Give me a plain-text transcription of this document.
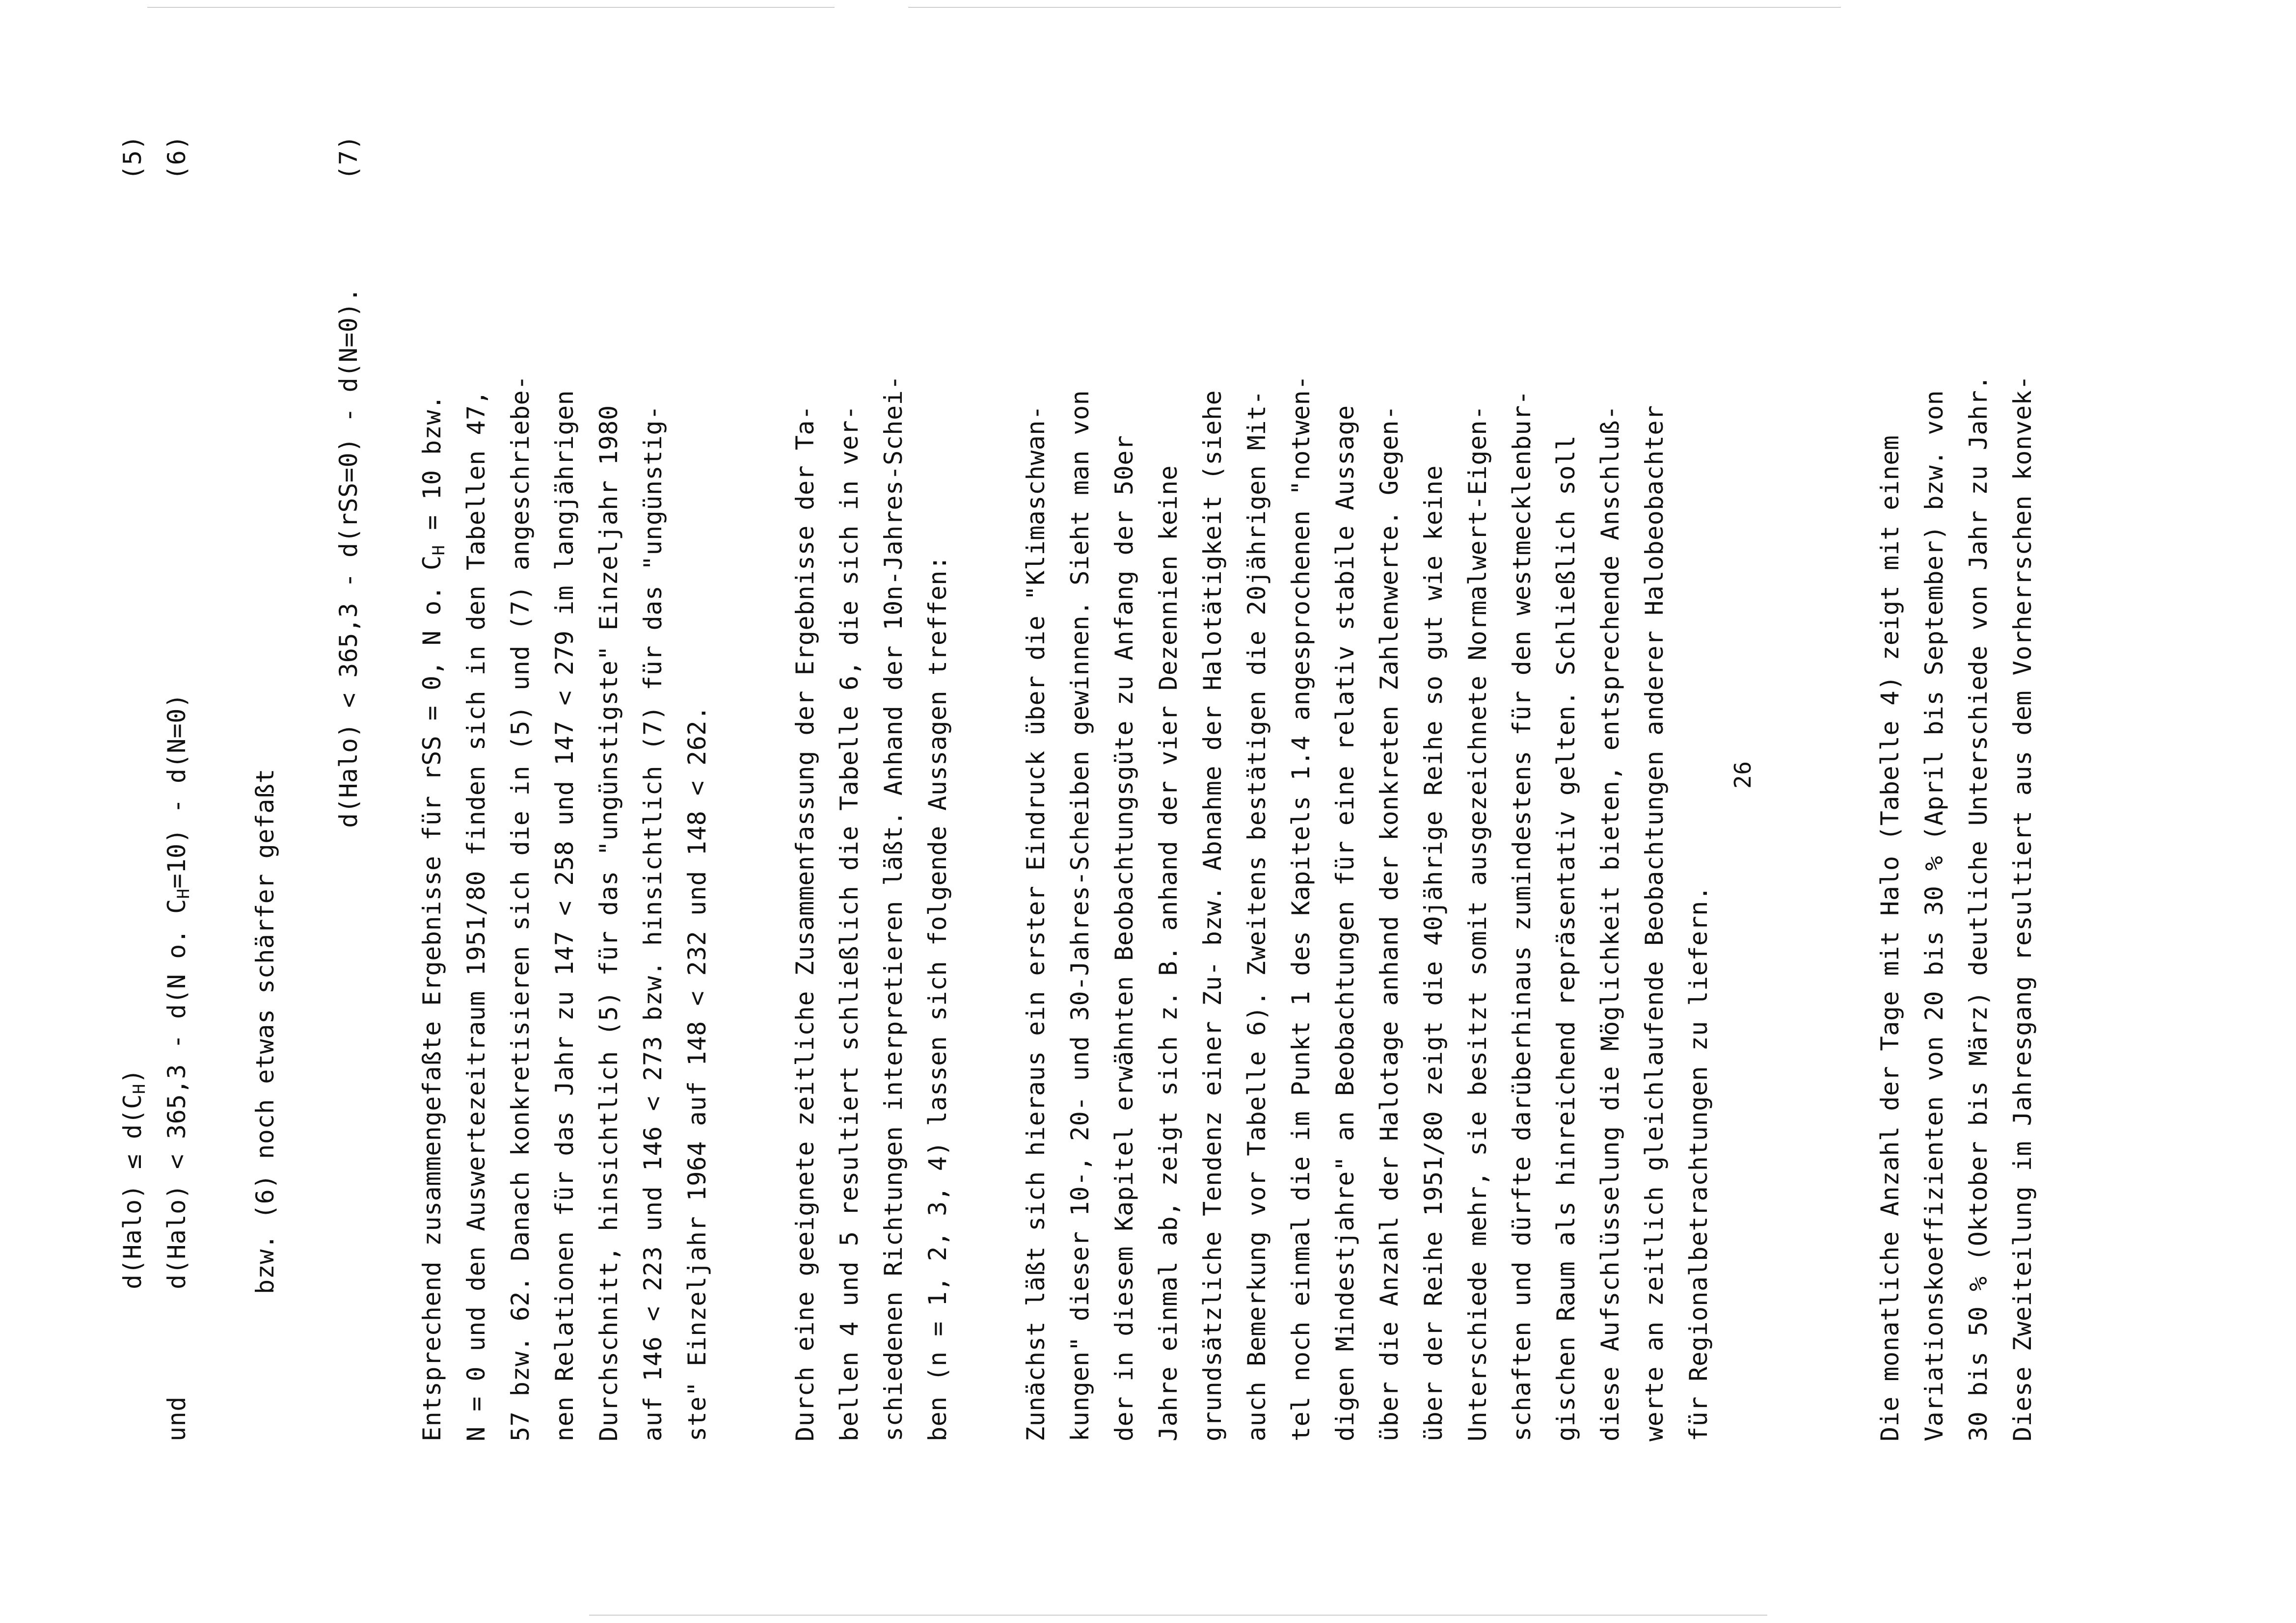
d(Halo) ≤ $d(C_H)$
(5)
und
d(Halo) < 365,3 - d(N o. $C_H=10) - d(N=0)$
(6)
bzw. (6) noch etwas schärfer gefaßt
d(Halo) < 365,3 - d(rSS=0) - d(N=0).
(7)
Entsprechend zusammengefaßte Ergebnisse für rSS = 0, N o. $C_H = 10$ bzw. N = 0 und den Auswertezeitraum 1951/80 finden sich in den Tabellen 47, 57 bzw. 62. Danach konkretisieren sich die in (5) und (7) angeschriebe- nen Relationen für das Jahr zu 147 < 258 und 147 < 279 im langjährigen Durchschnitt, hinsichtlich (5) für das "ungünstigste" Einzeljahr 1980 auf 146 < 223 und 146 < 273 bzw. hinsichtlich (7) für das "ungünstig- ste" Einzeljahr 1964 auf 148 < 232 und 148 < 262.	Durch eine geeignete zeitliche Zusammenfassung der Ergebnisse der Ta- bellen 4 und 5 resultiert schließlich die Tabelle 6, die sich in ver- schiedenen Richtungen interpretieren läßt. Anhand der 10n-Jahres-Schei- ben (n = 1, 2, 3, 4) lassen sich folgende Aussagen treffen:	Zunächst läßt sich hieraus ein erster Eindruck über die "Klimaschwan- kungen" dieser 10-, 20- und 30-Jahres-Scheiben gewinnen. Sieht man von der in diesem Kapitel erwähnten Beobachtungsgüte zu Anfang der 50er Jahre einmal ab, zeigt sich z. B. anhand der vier Dezennien keine grundsätzliche Tendenz einer Zu- bzw. Abnahme der Halotätigkeit (siehe auch Bemerkung vor Tabelle 6). Zweitens bestätigen die 20jährigen Mit- tel noch einmal die im Punkt 1 des Kapitels 1.4 angesprochenen "notwen- digen Mindestjahre" an Beobachtungen für eine relativ stabile Aussage über die Anzahl der Halotage anhand der konkreten Zahlenwerte. Gegen- über der Reihe 1951/80 zeigt die 40jährige Reihe so gut wie keine Unterschiede mehr, sie besitzt somit ausgezeichnete Normalwert-Eigen- schaften und dürfte darüberhinaus zumindestens für den westmecklenbur- gischen Raum als hinreichend repräsentativ gelten. Schließlich soll diese Aufschlüsselung die Möglichkeit bieten, entsprechende Anschluß- werte an zeitlich gleichlaufende Beobachtungen anderer Halobeobachter für Regionalbetrachtungen zu liefern.
26	Die monatliche Anzahl der Tage mit Halo (Tabelle 4) zeigt mit einem Variationskoeffizienten von 20 bis 30 % (April bis September) bzw. von 30 bis 50 % (Oktober bis März) deutliche Unterschiede von Jahr zu Jahr. Diese Zweiteilung im Jahresgang resultiert aus dem Vorherrschen konvek-
